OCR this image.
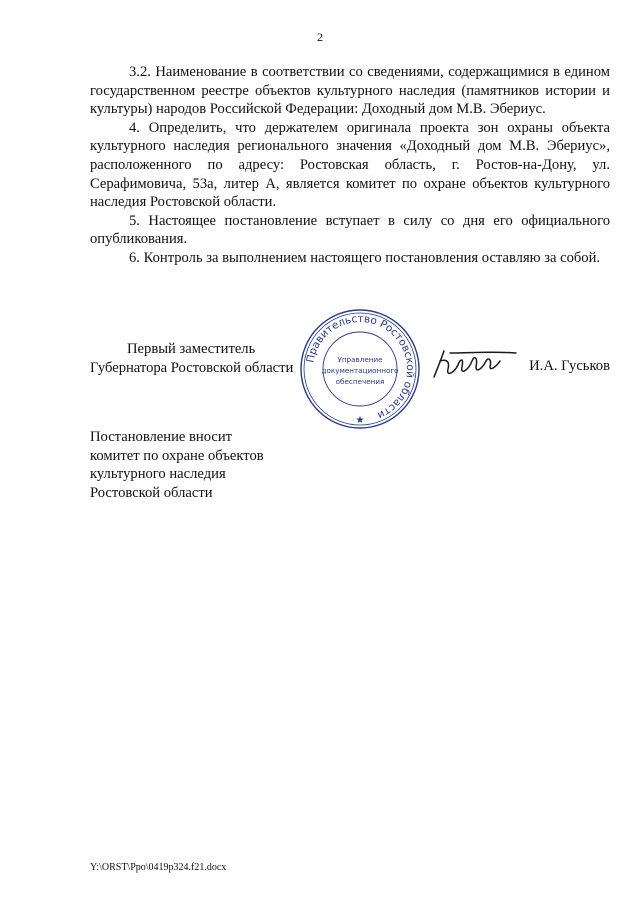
2

3.2. Наименование в соответствии со сведениями, содержащимися в едином государственном реестре объектов культурного наследия (памятников истории и культуры) народов Российской Федерации: Доходный дом М.В. Эбериус.

4. Определить, что держателем оригинала проекта зон охраны объекта культурного наследия регионального значения «Доходный дом М.В. Эбериус», расположенного по адресу: Ростовская область, г. Ростов-на-Дону, ул. Серафимовича, 53а, литер А, является комитет по охране объектов культурного наследия Ростовской области.

5. Настоящее постановление вступает в силу со дня его официального опубликования.

6. Контроль за выполнением настоящего постановления оставляю за собой.

Первый заместитель
Губернатора Ростовской области	И.А. Гуськов
Правительство Ростовской области
Управление
документационного
обеспечения
★
Постановление вносит
комитет по охране объектов
культурного наследия
Ростовской области
Y:\ORST\Ppo\0419p324.f21.docx
